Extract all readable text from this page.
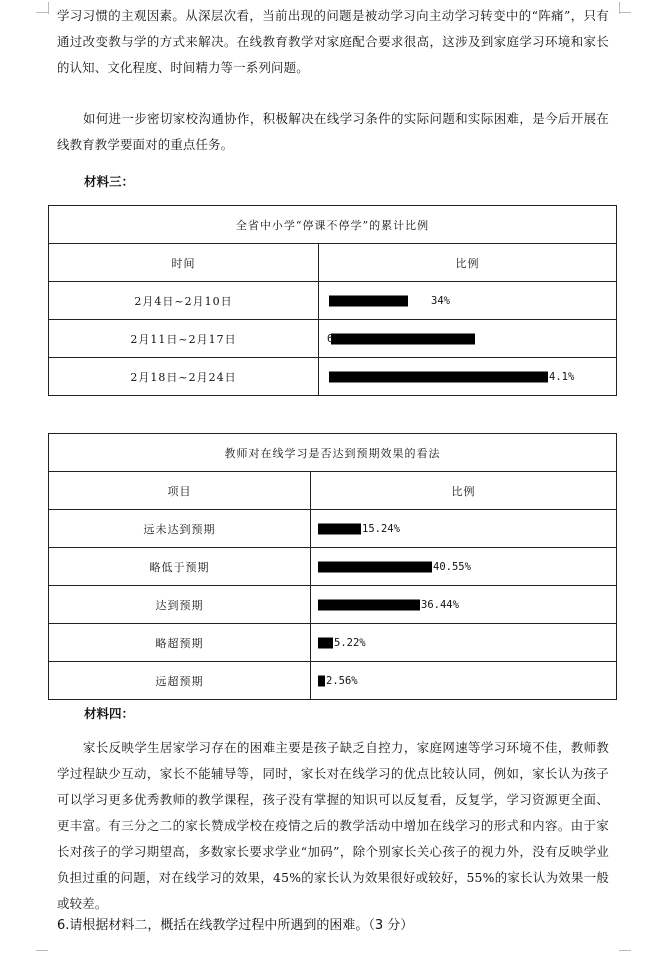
学习习惯的主观因素。从深层次看，当前出现的问题是被动学习向主动学习转变中的“阵痛”，只有通过改变教与学的方式来解决。在线教育教学对家庭配合要求很高，这涉及到家庭学习环境和家长的认知、文化程度、时间精力等一系列问题。

如何进一步密切家校沟通协作，积极解决在线学习条件的实际问题和实际困难，是今后开展在线教育教学要面对的重点任务。

材料三：

全省中小学“停课不停学”的累计比例	
时间	比例
2月4日~2月10日	34%

2月11日~2月17日	6

2月18日~2月24日	4.1%
教师对在线学习是否达到预期效果的看法	
项目	比例
远未达到预期	15.24%

略低于预期	40.55%

达到预期	36.44%

略超预期	5.22%

远超预期	2.56%

材料四：

家长反映学生居家学习存在的困难主要是孩子缺乏自控力，家庭网速等学习环境不佳，教师教学过程缺少互动，家长不能辅导等，同时，家长对在线学习的优点比较认同，例如，家长认为孩子可以学习更多优秀教师的教学课程，孩子没有掌握的知识可以反复看，反复学，学习资源更全面、更丰富。有三分之二的家长赞成学校在疫情之后的教学活动中增加在线学习的形式和内容。由于家长对孩子的学习期望高，多数家长要求学业“加码”，除个别家长关心孩子的视力外，没有反映学业负担过重的问题，对在线学习的效果，45%的家长认为效果很好或较好，55%的家长认为效果一般或较差。

6.请根据材料二，概括在线教学过程中所遇到的困难。（3 分）
